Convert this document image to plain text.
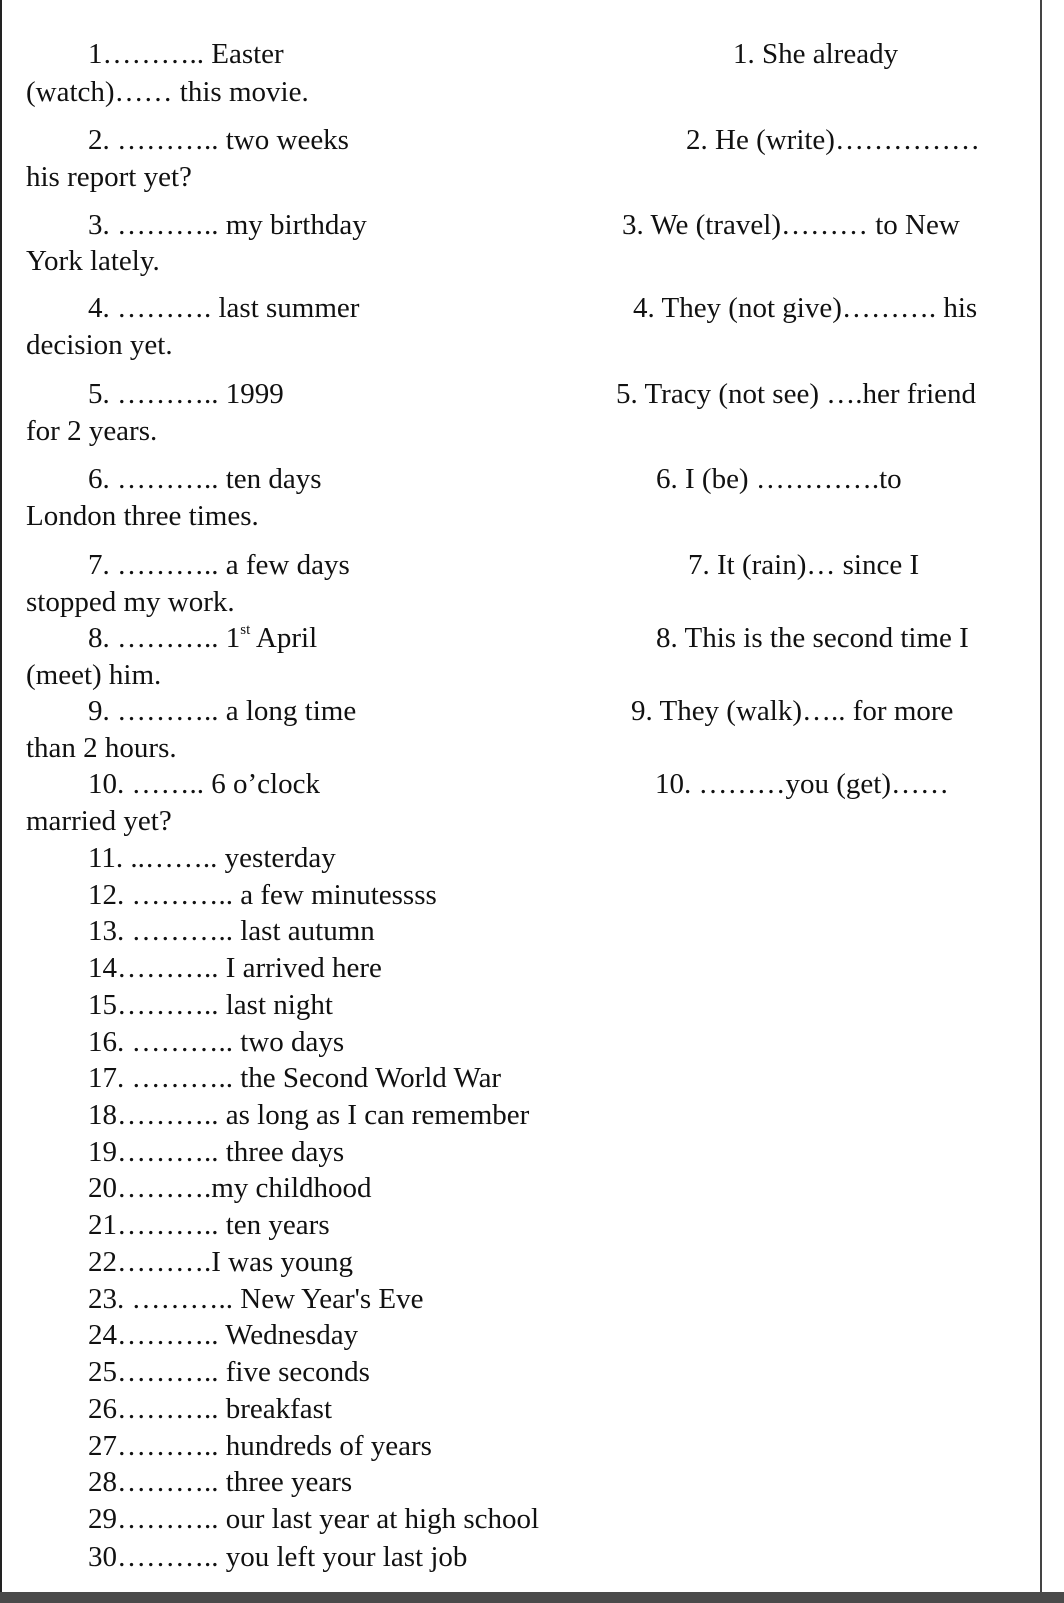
1……….. Easter	1. She already
(watch)…… this movie.
2. ……….. two weeks	2. He (write)……………
his report yet?
3. ……….. my birthday	3. We (travel)……… to New
York lately.
4. ………. last summer	4. They (not give)………. his
decision yet.
5. ……….. 1999	5. Tracy (not see) ….her friend
for 2 years.
6. ……….. ten days	6. I (be) ………….to
London three times.
7. ……….. a few days	7. It (rain)… since I
stopped my work.
8. ……….. 1st April	8. This is the second time I
(meet) him.
9. ……….. a long time	9. They (walk)….. for more
than 2 hours.
10. …….. 6 o’clock	10. ………you (get)……
married yet?
11. ..…….. yesterday
12. ……….. a few minutessss
13. ……….. last autumn
14……….. I arrived here
15……….. last night
16. ……….. two days
17. ……….. the Second World War
18……….. as long as I can remember
19……….. three days
20……….my childhood
21……….. ten years
22……….I was young
23. ……….. New Year's Eve
24……….. Wednesday
25……….. five seconds
26……….. breakfast
27……….. hundreds of years
28……….. three years
29……….. our last year at high school
30……….. you left your last job
